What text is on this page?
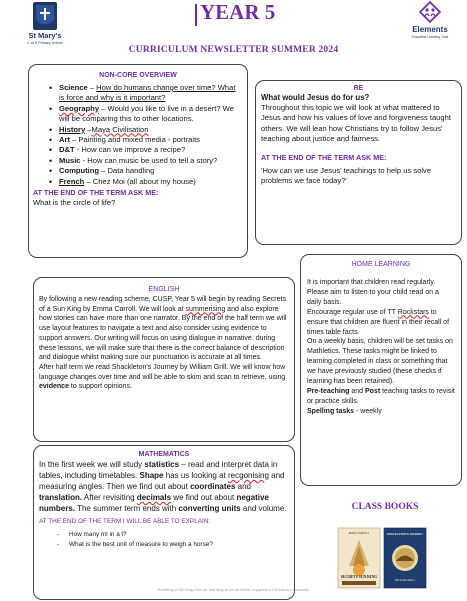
St Mary's
C of E Primary School
YEAR 5
Elements
Education Learning Trust
CURRICULUM NEWSLETTER SUMMER 2024
NON-CORE OVERVIEW
• Science – How do humans change over time? What is force and why is it important?
• Geography – Would you like to live in a desert? We will be comparing this to other locations.
• History –Maya Civilisation
• Art – Painting and mixed media - portraits
• D&T - How can we improve a recipe?
• Music - How can music be used to tell a story?
• Computing – Data handling
• French – Chez Moi (all about my house)
AT THE END OF THE TERM ASK ME:
What is the circle of life?
RE
What would Jesus do for us?
Throughout this topic we will look at what mattered to Jesus and how his values of love and forgiveness taught others. We will lean how Christians try to follow Jesus' teaching about justice and fairness.
AT THE END OF THE TERM ASK ME:
'How can we use Jesus' teachings to help us solve problems we face today?'
HOME LEARNING
It is important that children read regularly. Please aim to listen to your child read on a daily basis.
Encourage regular use of TT Rockstars to ensure that children are fluent in their recall of times table facts.
On a weekly basis, children will be set tasks on Mathletics. These tasks might be linked to learning completed in class or something that we have previously studied (these checks if learning has been retained).
Pre-teaching and Post teaching tasks to revisit or practice skills.
Spelling tasks - weekly
ENGLISH
By following a new reading scheme, CUSP, Year 5 will begin by reading Secrets of a Sun King by Emma Carroll. We will look at summerising and also explore how stories can have more than one narrator. By the end of the half term we will use layout features to navigate a text and also consider using evidence to support answers. Our writing will focus on using dialogue in narrative. during these lessons, we will make sure that there is the correct balance of description and dialogue whilst making sure our punctuation is accurate at all times.
After half term we read Shackleton's Journey by William Grill. We will know how language changes over time and will be able to skim and scan to retrieve, using evidence to support opinions.
MATHEMATICS
In the first week we will study statistics – read and interpret data in tables, including timetables. Shape has us looking at recgonising and measuring angles. Then we find out about coordinates and translation. After revisiting decimals we find out about negative numbers. The summer term ends with converting units and volume.
AT THE END OF THE TERM I WILL BE ABLE TO EXPLAIN:
- How many ml in a l?
- What is the best unit of measure to weigh a horse?
CLASS BOOKS
EMMA CARROLL
SECRETS SUN KING
SHACKLETON'S JOURNEY
WILLIAM GRILL
Enabling a life-long love for learning in an inclusive, supportive Christian community
